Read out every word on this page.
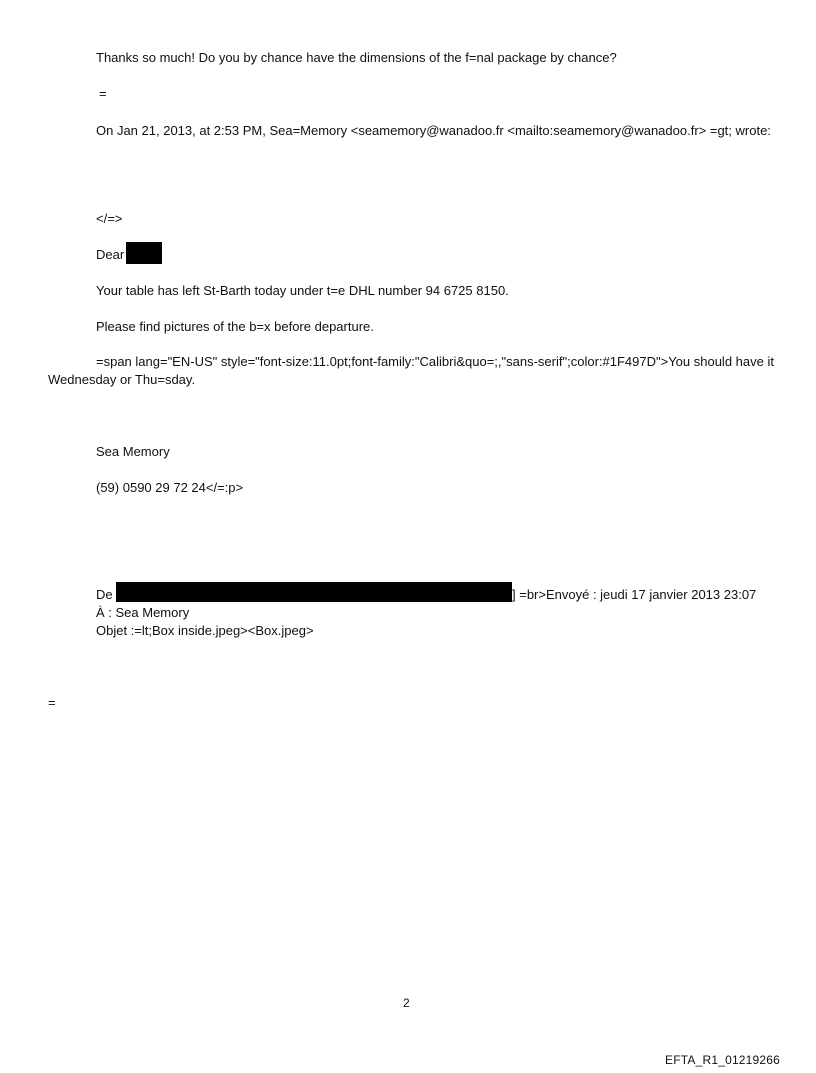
Thanks so much! Do you by chance have the dimensions of the f=nal package by chance?
=
On Jan 21, 2013, at 2:53 PM, Sea=Memory <seamemory@wanadoo.fr <mailto:seamemory@wanadoo.fr> =gt; wrote:
</=>
Dear
Your table has left St-Barth today under t=e DHL number 94 6725 8150.
Please find pictures of the b=x before departure.
=span lang="EN-US" style="font-size:11.0pt;font-family:"Calibri&quo=;,"sans-serif";color:#1F497D">You should have it Wednesday or Thu=sday.
Sea Memory
(59) 0590 29 72 24</=:p>
De	] =br>Envoyé : jeudi 17 janvier 2013 23:07
À : Sea Memory
Objet :=lt;Box inside.jpeg><Box.jpeg>
=
2
EFTA_R1_01219266
